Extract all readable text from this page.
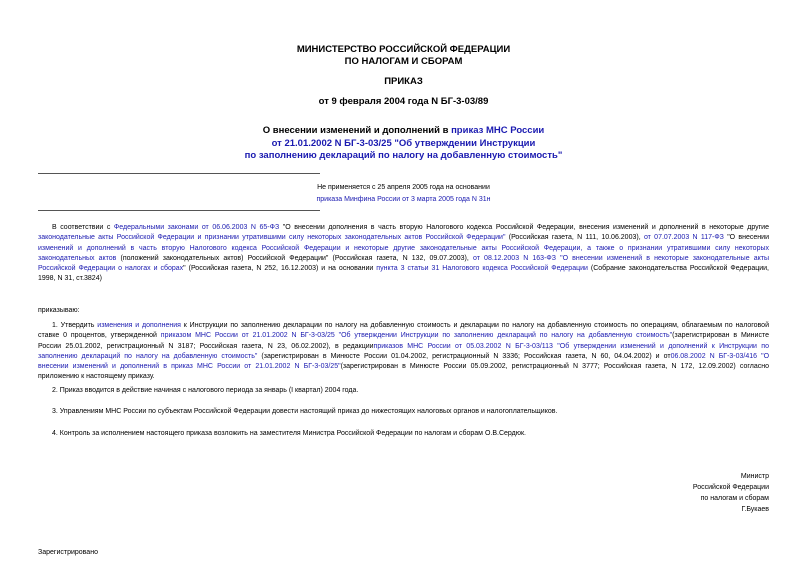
МИНИСТЕРСТВО РОССИЙСКОЙ ФЕДЕРАЦИИ
ПО НАЛОГАМ И СБОРАМ
ПРИКАЗ
от 9 февраля 2004 года N БГ-3-03/89
О внесении изменений и дополнений в приказ МНС России
от 21.01.2002 N БГ-3-03/25 "Об утверждении Инструкции
по заполнению деклараций по налогу на добавленную стоимость"
Не применяется с 25 апреля 2005 года на основании
приказа Минфина России от 3 марта 2005 года N 31н
В соответствии с Федеральными законами от 06.06.2003 N 65-ФЗ "О внесении дополнения в часть вторую Налогового кодекса Российской Федерации, внесения изменений и дополнений в некоторые другие
законодательные акты Российской Федерации и признании утратившими силу некоторых законодательных актов Российской Федерации" (Российская газета, N 111, 10.06.2003), от 07.07.2003 N 117-ФЗ "О внесении
изменений и дополнений в часть вторую Налогового кодекса Российской Федерации и некоторые другие законодательные акты Российской Федерации, а также о признании утратившими силу некоторых
законодательных актов (положений законодательных актов) Российской Федерации" (Российская газета, N 132, 09.07.2003), от 08.12.2003 N 163-ФЗ "О внесении изменений в некоторые законодательные акты
Российской Федерации о налогах и сборах" (Российская газета, N 252, 16.12.2003) и на основании пункта 3 статьи 31 Налогового кодекса Российской Федерации (Собрание законодательства Российской Федерации,
1998, N 31, ст.3824)
приказываю:
1. Утвердить изменения и дополнения к Инструкции по заполнению декларации по налогу на добавленную стоимость и декларации по налогу на добавленную стоимость по операциям, облагаемым по налоговой
ставке 0 процентов, утвержденной приказом МНС России от 21.01.2002 N БГ-3-03/25 "Об утверждении Инструкции по заполнению деклараций по налогу на добавленную стоимость"(зарегистрирован в Министе
России 25.01.2002, регистрационный N 3187; Российская газета, N 23, 06.02.2002), в редакцииприказов МНС России от 05.03.2002 N БГ-3-03/113 "Об утверждении изменений и дополнений к Инструкции по
заполнению деклараций по налогу на добавленную стоимость" (зарегистрирован в Минюсте России 01.04.2002, регистрационный N 3336; Российская газета, N 60, 04.04.2002) и от06.08.2002 N БГ-3-03/416 "О
внесении изменений и дополнений в приказ МНС России от 21.01.2002 N БГ-3-03/25"(зарегистрирован в Минюсте России 05.09.2002, регистрационный N 3777; Российская газета, N 172, 12.09.2002) согласно
приложению к настоящему приказу.
2. Приказ вводится в действие начиная с налогового периода за январь (I квартал) 2004 года.
3. Управлениям МНС России по субъектам Российской Федерации довести настоящий приказ до нижестоящих налоговых органов и налогоплательщиков.
4. Контроль за исполнением настоящего приказа возложить на заместителя Министра Российской Федерации по налогам и сборам О.В.Сердюк.
Министр
Российской Федерации
по налогам и сборам
Г.Букаев
Зарегистрировано
